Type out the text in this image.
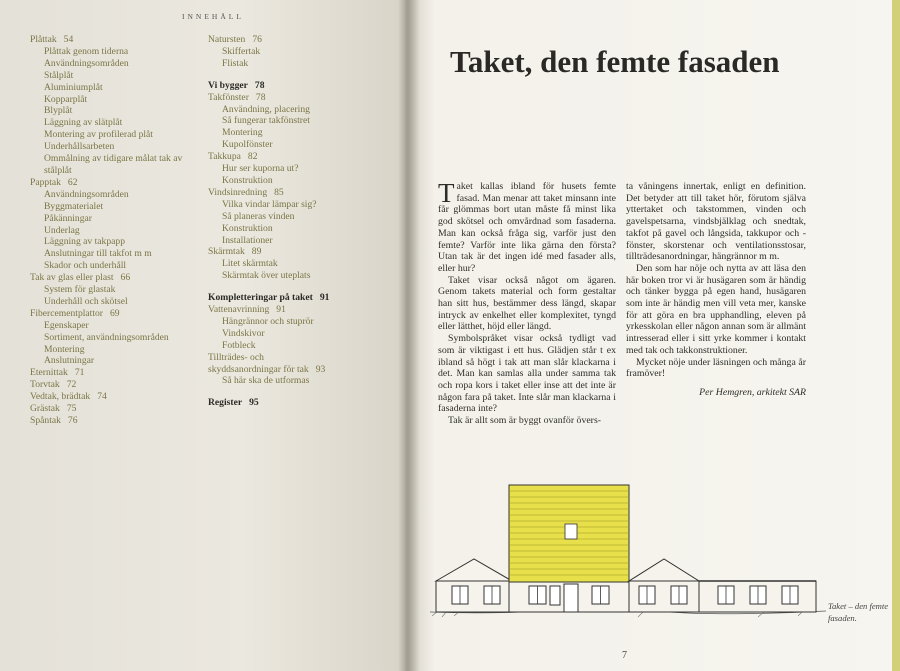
INNEHÅLL
Plåttak 54
Plåttak genom tiderna
Användningsområden
Stålplåt
Aluminiumplåt
Kopparplåt
Blyplåt
Läggning av slätplåt
Montering av profilerad plåt
Underhållsarbeten
Ommålning av tidigare målat tak av
stålplåt
Papptak 62
Användningsområden
Byggmaterialet
Påkänningar
Underlag
Läggning av takpapp
Anslutningar till takfot m m
Skador och underhåll
Tak av glas eller plast 66
System för glastak
Underhåll och skötsel
Fibercementplattor 69
Egenskaper
Sortiment, användningsområden
Montering
Anslutningar
Eternittak 71
Torvtak 72
Vedtak, brädtak 74
Grästak 75
Spåntak 76
Natursten 76
Skiffertak
Flistak
Vi bygger 78
Takfönster 78
Användning, placering
Så fungerar takfönstret
Montering
Kupolfönster
Takkupa 82
Hur ser kuporna ut?
Konstruktion
Vindsinredning 85
Vilka vindar lämpar sig?
Så planeras vinden
Konstruktion
Installationer
Skärmtak 89
Litet skärmtak
Skärmtak över uteplats
Kompletteringar på taket 91
Vattenavrinning 91
Hängrännor och stuprör
Vindskivor
Fotbleck
Tillträdes- och
skyddsanordningar för tak 93
Så här ska de utformas
Register 95
Taket, den femte fasaden

Taket kallas ibland för husets femte fasad. Man menar att taket minsann inte får glömmas bort utan måste få minst lika god skötsel och omvårdnad som fasaderna. Man kan också fråga sig, varför just den femte? Varför inte lika gärna den första? Utan tak är det ingen idé med fasader alls, eller hur?

Taket visar också något om ägaren. Genom takets material och form gestaltar han sitt hus, bestämmer dess längd, skapar intryck av enkelhet eller komplexitet, tyngd eller lätthet, höjd eller längd.

Symbolspråket visar också tydligt vad som är viktigast i ett hus. Glädjen står t ex ibland så högt i tak att man slår klackarna i det. Man kan samlas alla under samma tak och ropa kors i taket eller inse att det inte är någon fara på taket. Inte slår man klackarna i fasaderna inte?

Tak är allt som är byggt ovanför övers-

ta våningens innertak, enligt en definition. Det betyder att till taket hör, förutom själva yttertaket och takstommen, vinden och gavelspetsarna, vindsbjälklag och snedtak, takfot på gavel och långsida, takkupor och -fönster, skorstenar och ventilationsstosar, tillträdesanordningar, hängrännor m m.

Den som har nöje och nytta av att läsa den här boken tror vi är husägaren som är händig och tänker bygga på egen hand, husägaren som inte är händig men vill veta mer, kanske för att göra en bra upphandling, eleven på yrkesskolan eller någon annan som är allmänt intresserad eller i sitt yrke kommer i kontakt med tak och takkonstruktioner.

Mycket nöje under läsningen och många år framöver!

Per Hemgren, arkitekt SAR

Taket – den femte fasaden.
7
